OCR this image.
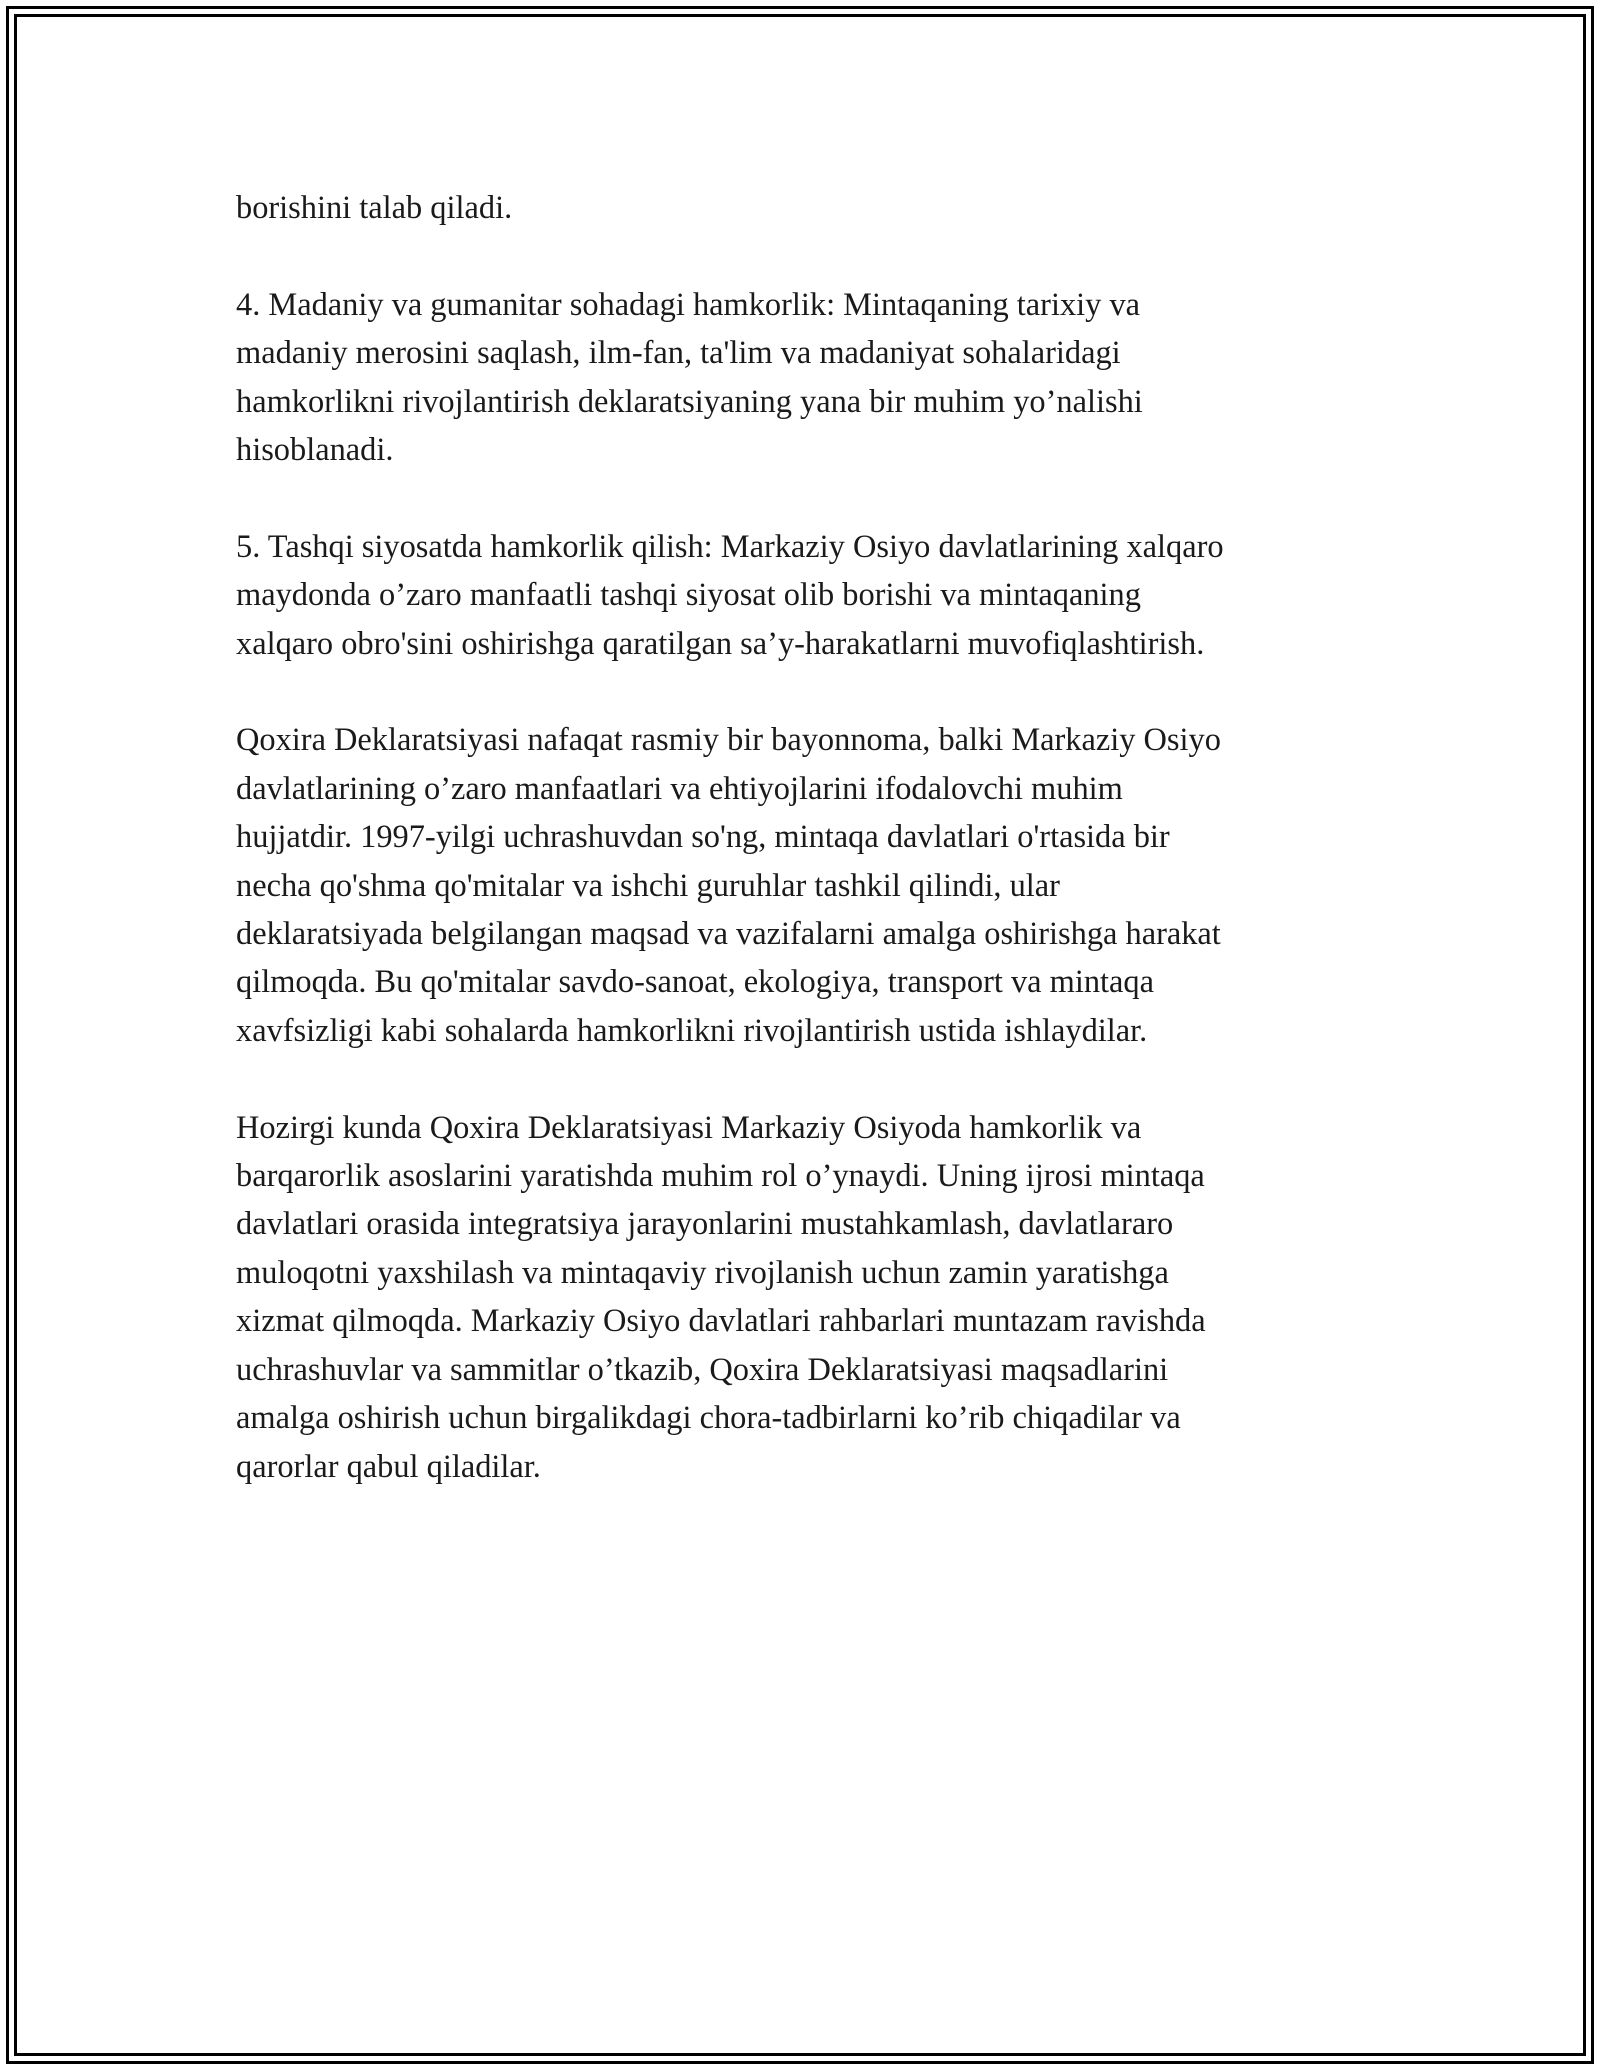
borishini talab qiladi.

4. Madaniy va gumanitar sohadagi hamkorlik: Mintaqaning tarixiy va
madaniy merosini saqlash, ilm-fan, ta'lim va madaniyat sohalaridagi
hamkorlikni rivojlantirish deklaratsiyaning yana bir muhim yo’nalishi
hisoblanadi.

5. Tashqi siyosatda hamkorlik qilish: Markaziy Osiyo davlatlarining xalqaro
maydonda o’zaro manfaatli tashqi siyosat olib borishi va mintaqaning
xalqaro obro'sini oshirishga qaratilgan sa’y-harakatlarni muvofiqlashtirish.

Qoxira Deklaratsiyasi nafaqat rasmiy bir bayonnoma, balki Markaziy Osiyo
davlatlarining o’zaro manfaatlari va ehtiyojlarini ifodalovchi muhim
hujjatdir. 1997-yilgi uchrashuvdan so'ng, mintaqa davlatlari o'rtasida bir
necha qo'shma qo'mitalar va ishchi guruhlar tashkil qilindi, ular
deklaratsiyada belgilangan maqsad va vazifalarni amalga oshirishga harakat
qilmoqda. Bu qo'mitalar savdo-sanoat, ekologiya, transport va mintaqa
xavfsizligi kabi sohalarda hamkorlikni rivojlantirish ustida ishlaydilar.

Hozirgi kunda Qoxira Deklaratsiyasi Markaziy Osiyoda hamkorlik va
barqarorlik asoslarini yaratishda muhim rol o’ynaydi. Uning ijrosi mintaqa
davlatlari orasida integratsiya jarayonlarini mustahkamlash, davlatlararo
muloqotni yaxshilash va mintaqaviy rivojlanish uchun zamin yaratishga
xizmat qilmoqda. Markaziy Osiyo davlatlari rahbarlari muntazam ravishda
uchrashuvlar va sammitlar o’tkazib, Qoxira Deklaratsiyasi maqsadlarini
amalga oshirish uchun birgalikdagi chora-tadbirlarni ko’rib chiqadilar va
qarorlar qabul qiladilar.
